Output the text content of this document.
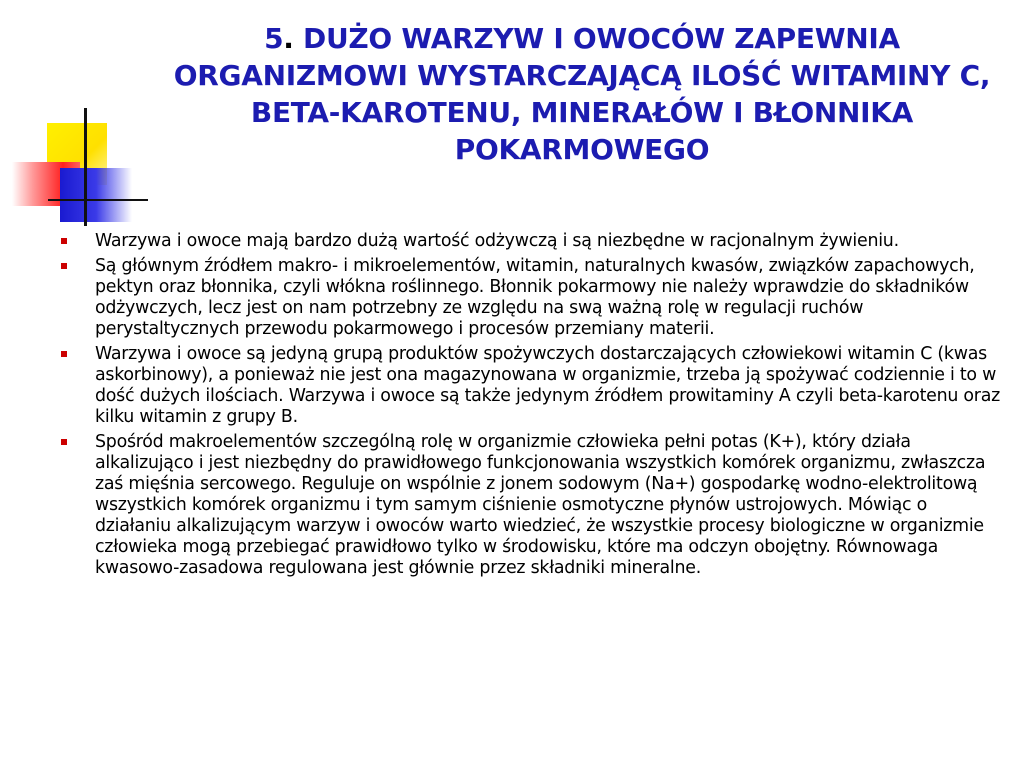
5. DUŻO WARZYW I OWOCÓW ZAPEWNIA ORGANIZMOWI WYSTARCZAJĄCĄ ILOŚĆ WITAMINY C, BETA-KAROTENU, MINERAŁÓW I BŁONNIKA POKARMOWEGO
Warzywa i owoce mają bardzo dużą wartość odżywczą i są niezbędne w racjonalnym żywieniu.
Są głównym źródłem makro- i mikroelementów, witamin, naturalnych kwasów, związków zapachowych, pektyn oraz błonnika, czyli włókna roślinnego. Błonnik pokarmowy nie należy wprawdzie do składników odżywczych, lecz jest on nam potrzebny ze względu na swą ważną rolę w regulacji ruchów perystaltycznych przewodu pokarmowego i procesów przemiany materii.
Warzywa i owoce są jedyną grupą produktów spożywczych dostarczających człowiekowi witamin C (kwas askorbinowy), a ponieważ nie jest ona magazynowana w organizmie, trzeba ją spożywać codziennie i to w dość dużych ilościach. Warzywa i owoce są także jedynym źródłem prowitaminy A czyli beta-karotenu oraz kilku witamin z grupy B.
Spośród makroelementów szczególną rolę w organizmie człowieka pełni potas (K+), który działa alkalizująco i jest niezbędny do prawidłowego funkcjonowania wszystkich komórek organizmu, zwłaszcza zaś mięśnia sercowego. Reguluje on wspólnie z jonem sodowym (Na+) gospodarkę wodno-elektrolitową wszystkich komórek organizmu i tym samym ciśnienie osmotyczne płynów ustrojowych. Mówiąc o działaniu alkalizującym warzyw i owoców warto wiedzieć, że wszystkie procesy biologiczne w organizmie człowieka mogą przebiegać prawidłowo tylko w środowisku, które ma odczyn obojętny. Równowaga kwasowo-zasadowa regulowana jest głównie przez składniki mineralne.
